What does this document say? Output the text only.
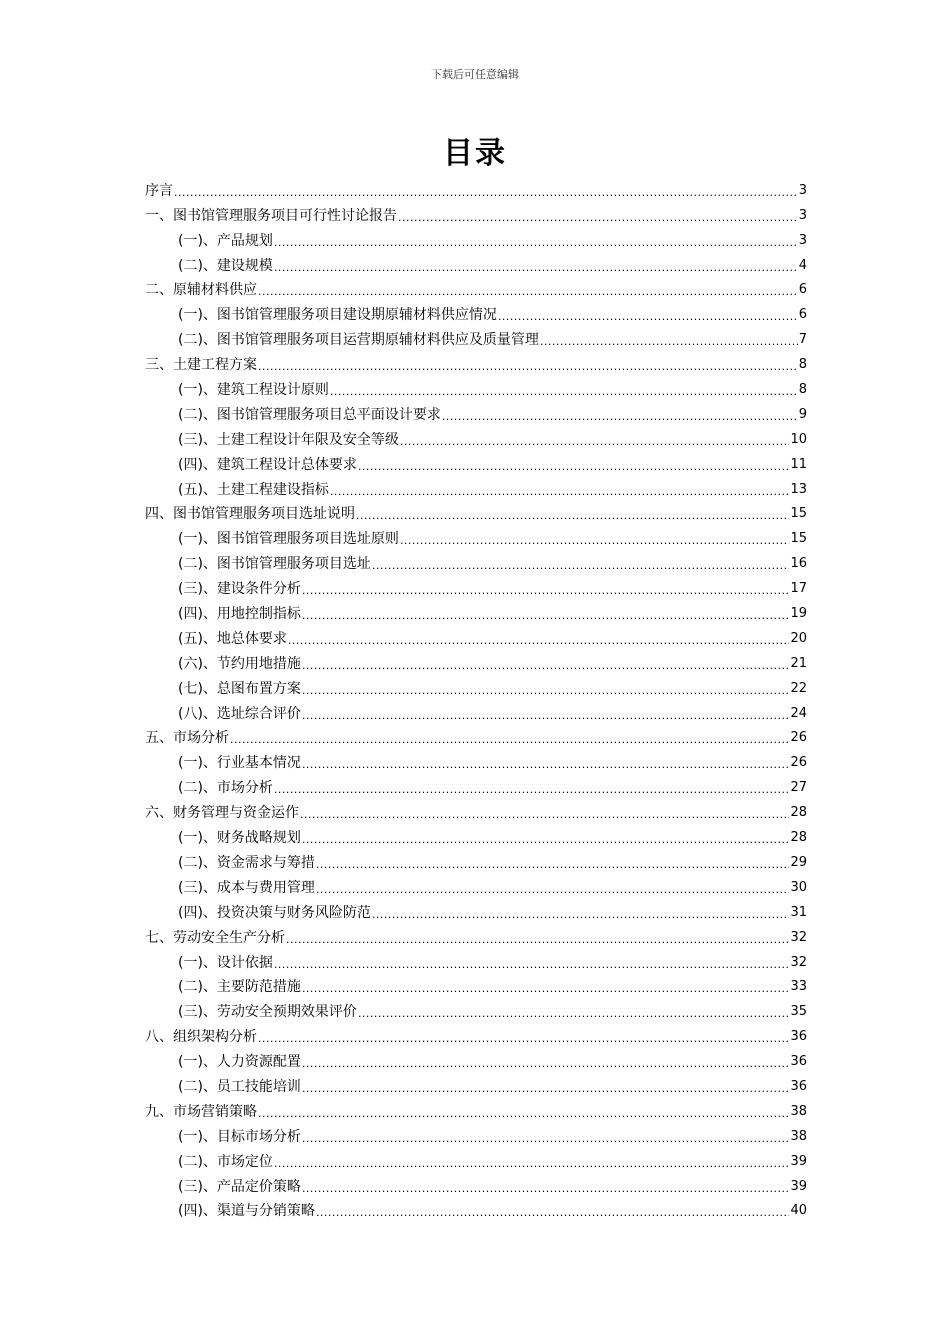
下载后可任意编辑
目录
序言 .....	3
一、图书馆管理服务项目可行性讨论报告 .....	3
(一)、产品规划 .....	3
(二)、建设规模 .....	4
二、原辅材料供应 .....	6
(一)、图书馆管理服务项目建设期原辅材料供应情况 .....	6
(二)、图书馆管理服务项目运营期原辅材料供应及质量管理 .....	7
三、土建工程方案 .....	8
(一)、建筑工程设计原则 .....	8
(二)、图书馆管理服务项目总平面设计要求 .....	9
(三)、土建工程设计年限及安全等级 .....	10
(四)、建筑工程设计总体要求 .....	11
(五)、土建工程建设指标 .....	13
四、图书馆管理服务项目选址说明 .....	15
(一)、图书馆管理服务项目选址原则 .....	15
(二)、图书馆管理服务项目选址 .....	16
(三)、建设条件分析 .....	17
(四)、用地控制指标 .....	19
(五)、地总体要求 .....	20
(六)、节约用地措施 .....	21
(七)、总图布置方案 .....	22
(八)、选址综合评价 .....	24
五、市场分析 .....	26
(一)、行业基本情况 .....	26
(二)、市场分析 .....	27
六、财务管理与资金运作 .....	28
(一)、财务战略规划 .....	28
(二)、资金需求与筹措 .....	29
(三)、成本与费用管理 .....	30
(四)、投资决策与财务风险防范 .....	31
七、劳动安全生产分析 .....	32
(一)、设计依据 .....	32
(二)、主要防范措施 .....	33
(三)、劳动安全预期效果评价 .....	35
八、组织架构分析 .....	36
(一)、人力资源配置 .....	36
(二)、员工技能培训 .....	36
九、市场营销策略 .....	38
(一)、目标市场分析 .....	38
(二)、市场定位 .....	39
(三)、产品定价策略 .....	39
(四)、渠道与分销策略 .....	40
